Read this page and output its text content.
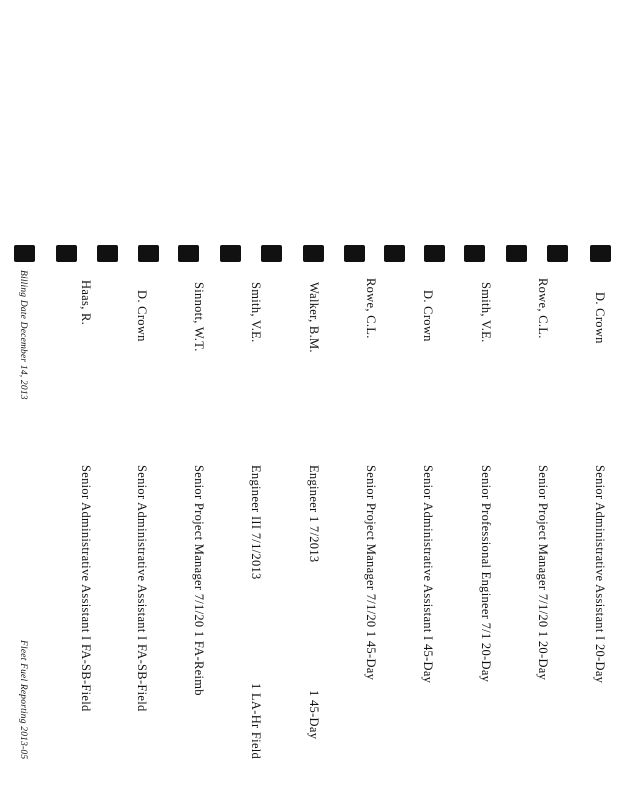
D. Crown
Senior Administrative Assistant I 20-Day
Rowe, C.L.
Senior Project Manager 7/1/20 1 20-Day
Smith, V.E.
Senior Professional Engineer 7/1 20-Day
D. Crown
Senior Administrative Assistant I 45-Day
Rowe, C.L.
Senior Project Manager 7/1/20 1 45-Day
Walker, B.M.
Engineer 1 7/2013
1 45-Day
Smith, V.E.
Engineer III 7/1/2013
1 LA-Hr Field
Sinnott, W.T.
Senior Project Manager 7/1/20 1 FA-Reimb
D. Crown
Senior Administrative Assistant I FA-SB-Field
Haas, R.
Senior Administrative Assistant I FA-SB-Field
Billing Date December 14, 2013
Fleet Fuel Reporting 2013-05
